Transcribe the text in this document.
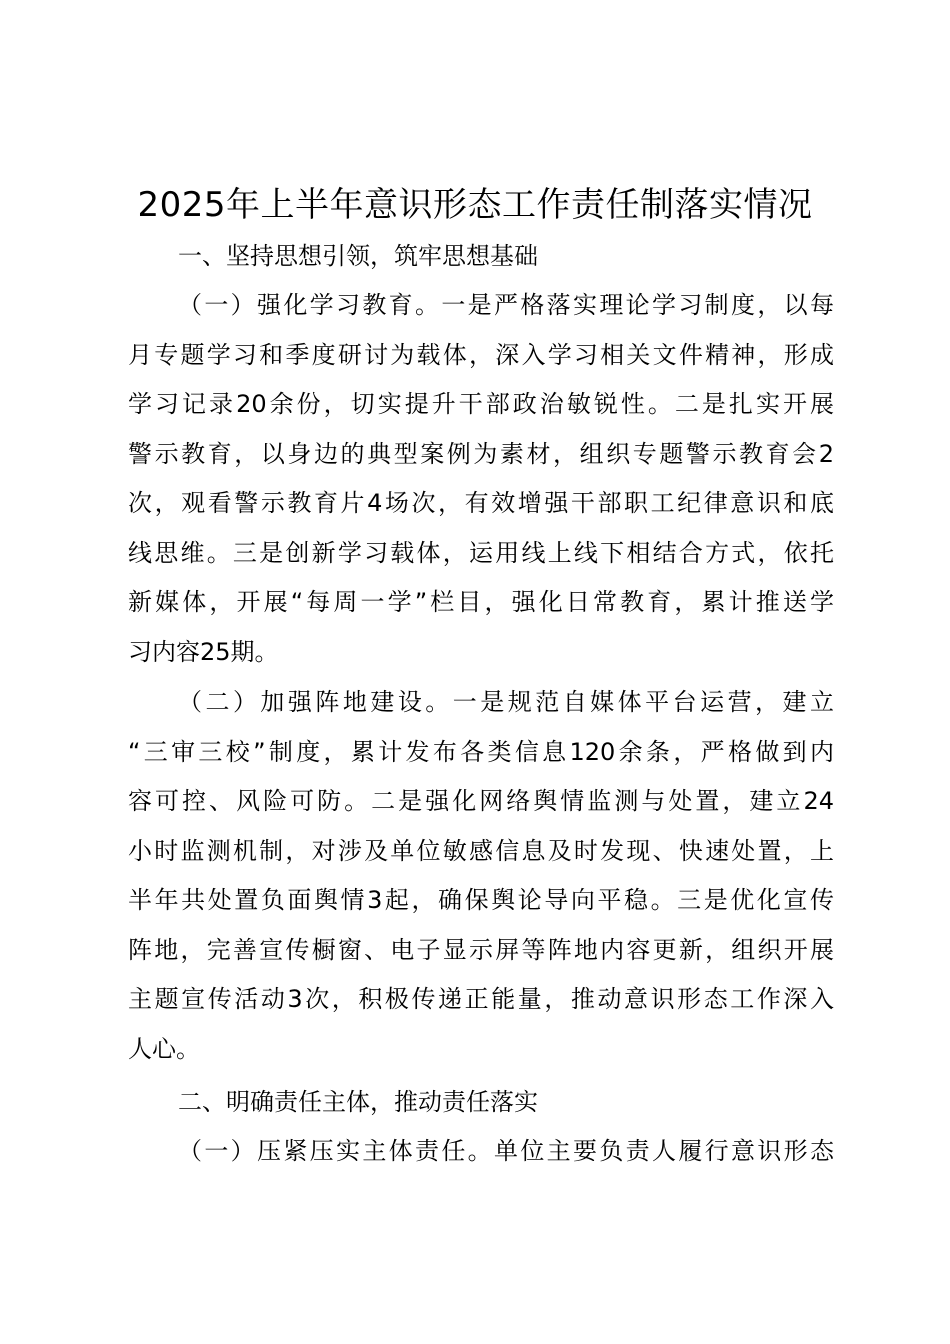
2025年上半年意识形态工作责任制落实情况

一、坚持思想引领，筑牢思想基础

（一）强化学习教育。一是严格落实理论学习制度，以每
月专题学习和季度研讨为载体，深入学习相关文件精神，形成
学习记录20余份，切实提升干部政治敏锐性。二是扎实开展
警示教育，以身边的典型案例为素材，组织专题警示教育会2
次，观看警示教育片4场次，有效增强干部职工纪律意识和底
线思维。三是创新学习载体，运用线上线下相结合方式，依托
新媒体，开展“每周一学”栏目，强化日常教育，累计推送学
习内容25期。
（二）加强阵地建设。一是规范自媒体平台运营，建立
“三审三校”制度，累计发布各类信息120余条，严格做到内
容可控、风险可防。二是强化网络舆情监测与处置，建立24
小时监测机制，对涉及单位敏感信息及时发现、快速处置，上
半年共处置负面舆情3起，确保舆论导向平稳。三是优化宣传
阵地，完善宣传橱窗、电子显示屏等阵地内容更新，组织开展
主题宣传活动3次，积极传递正能量，推动意识形态工作深入
人心。

二、明确责任主体，推动责任落实

（一）压紧压实主体责任。单位主要负责人履行意识形态
